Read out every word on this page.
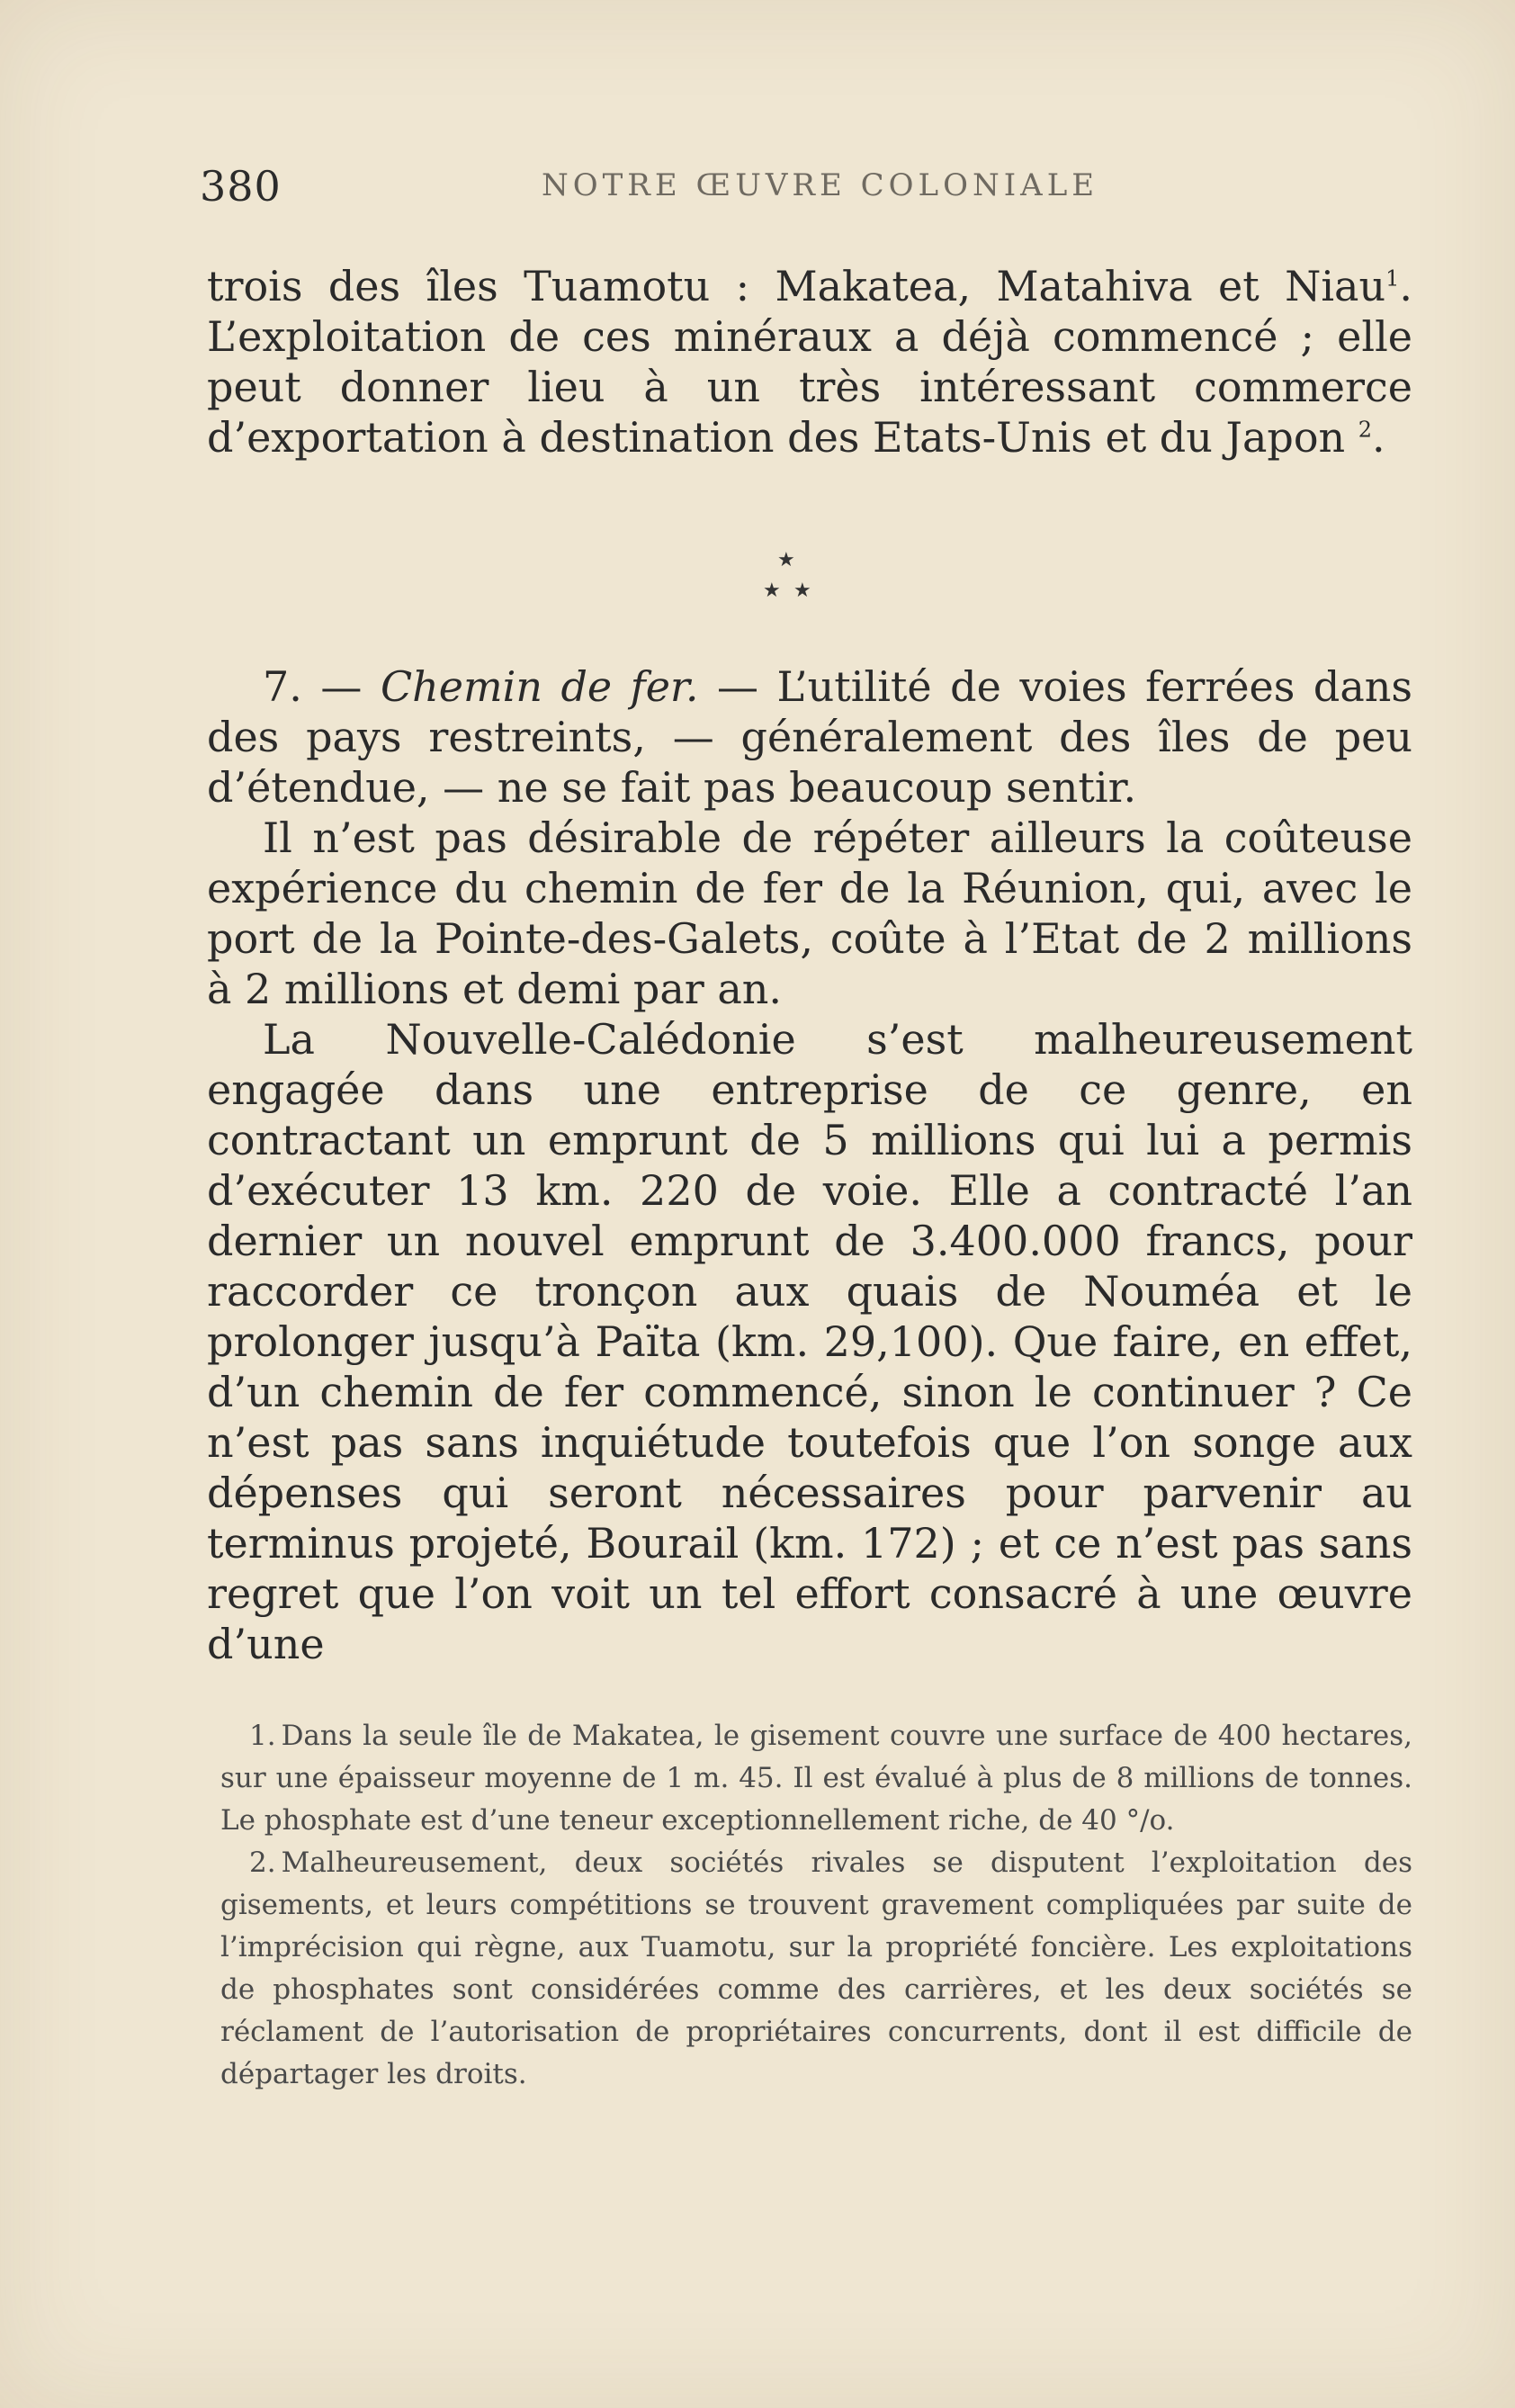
380	NOTRE ŒUVRE COLONIALE

trois des îles Tuamotu : Makatea, Matahiva et Niau$^1$. L’exploitation de ces minéraux a déjà commencé ; elle peut donner lieu à un très intéressant commerce d’exportation à destination des Etats-Unis et du Japon $^2$.

★
★ ★

7. — Chemin de fer. — L’utilité de voies ferrées dans des pays restreints, — généralement des îles de peu d’étendue, — ne se fait pas beaucoup sentir.

Il n’est pas désirable de répéter ailleurs la coûteuse expérience du chemin de fer de la Réunion, qui, avec le port de la Pointe-des-Galets, coûte à l’Etat de 2 millions à 2 millions et demi par an.

La Nouvelle-Calédonie s’est malheureusement engagée dans une entreprise de ce genre, en contractant un emprunt de 5 millions qui lui a permis d’exécuter 13 km. 220 de voie. Elle a contracté l’an dernier un nouvel emprunt de 3.400.000 francs, pour raccorder ce tronçon aux quais de Nouméa et le prolonger jusqu’à Païta (km. 29,100). Que faire, en effet, d’un chemin de fer commencé, sinon le continuer ? Ce n’est pas sans inquiétude toutefois que l’on songe aux dépenses qui seront nécessaires pour parvenir au terminus projeté, Bourail (km. 172) ; et ce n’est pas sans regret que l’on voit un tel effort consacré à une œuvre d’une

1. Dans la seule île de Makatea, le gisement couvre une surface de 400 hectares, sur une épaisseur moyenne de 1 m. 45. Il est évalué à plus de 8 millions de tonnes. Le phosphate est d’une teneur exceptionnellement riche, de 40 °/o.

2. Malheureusement, deux sociétés rivales se disputent l’exploitation des gisements, et leurs compétitions se trouvent gravement compliquées par suite de l’imprécision qui règne, aux Tuamotu, sur la propriété foncière. Les exploitations de phosphates sont considérées comme des carrières, et les deux sociétés se réclament de l’autorisation de propriétaires concurrents, dont il est difficile de départager les droits.
